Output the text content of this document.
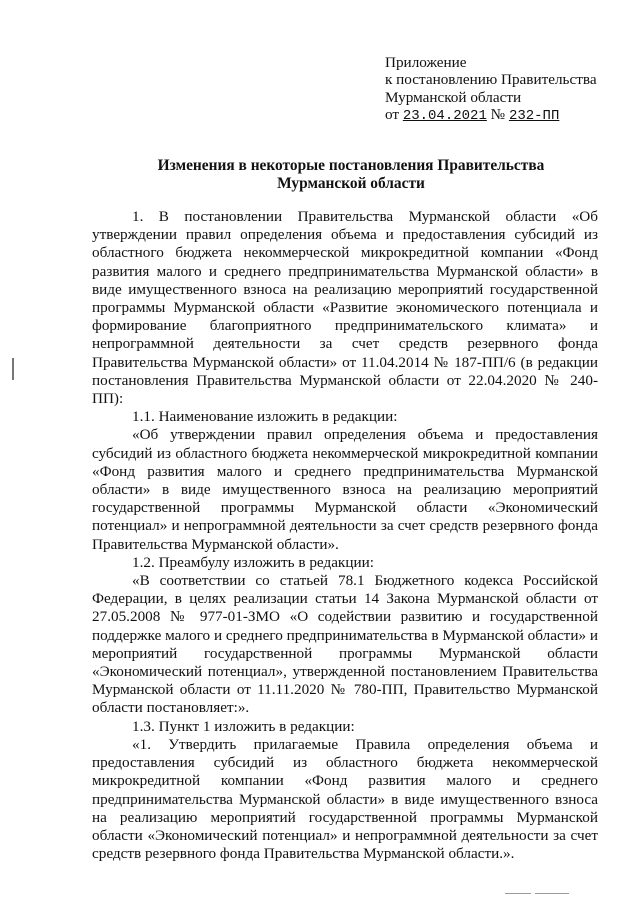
Приложение
к постановлению Правительства
Мурманской области
от 23.04.2021 № 232-ПП
Изменения в некоторые постановления Правительства
Мурманской области

1. В постановлении Правительства Мурманской области «Об утверждении правил определения объема и предоставления субсидий из областного бюджета некоммерческой микрокредитной компании «Фонд развития малого и среднего предпринимательства Мурманской области» в виде имущественного взноса на реализацию мероприятий государственной программы Мурманской области «Развитие экономического потенциала и формирование благоприятного предпринимательского климата» и непрограммной деятельности за счет средств резервного фонда Правительства Мурманской области» от 11.04.2014 № 187-ПП/6 (в редакции постановления Правительства Мурманской области от 22.04.2020 № 240-ПП):

1.1. Наименование изложить в редакции:

«Об утверждении правил определения объема и предоставления субсидий из областного бюджета некоммерческой микрокредитной компании «Фонд развития малого и среднего предпринимательства Мурманской области» в виде имущественного взноса на реализацию мероприятий государственной программы Мурманской области «Экономический потенциал» и непрограммной деятельности за счет средств резервного фонда Правительства Мурманской области».

1.2. Преамбулу изложить в редакции:

«В соответствии со статьей 78.1 Бюджетного кодекса Российской Федерации, в целях реализации статьи 14 Закона Мурманской области от 27.05.2008 № 977-01-ЗМО «О содействии развитию и государственной поддержке малого и среднего предпринимательства в Мурманской области» и мероприятий государственной программы Мурманской области «Экономический потенциал», утвержденной постановлением Правительства Мурманской области от 11.11.2020 № 780-ПП, Правительство Мурманской области постановляет:».

1.3. Пункт 1 изложить в редакции:

«1. Утвердить прилагаемые Правила определения объема и предоставления субсидий из областного бюджета некоммерческой микрокредитной компании «Фонд развития малого и среднего предпринимательства Мурманской области» в виде имущественного взноса на реализацию мероприятий государственной программы Мурманской области «Экономический потенциал» и непрограммной деятельности за счет средств резервного фонда Правительства Мурманской области.».
